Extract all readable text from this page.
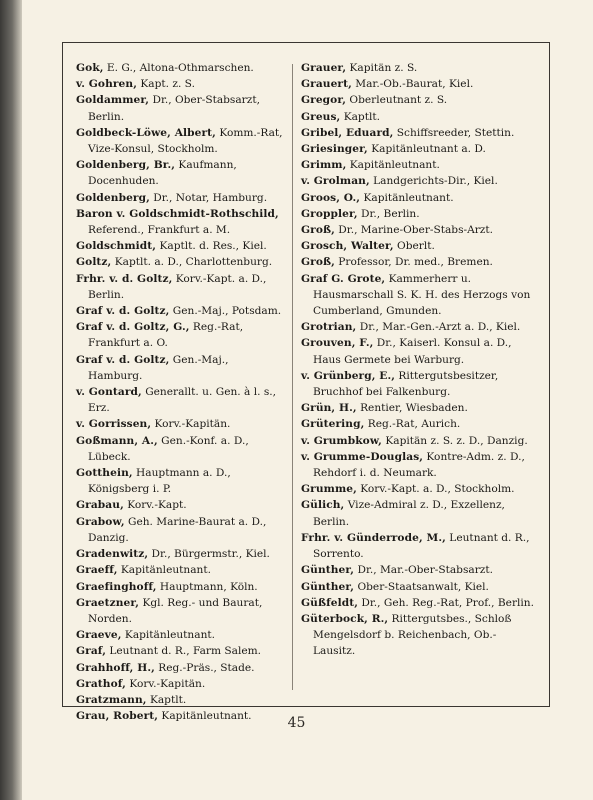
Gok, E. G., Altona-Othmarschen.

v. Gohren, Kapt. z. S.

Goldammer, Dr., Ober-Stabsarzt, Berlin.

Goldbeck-Löwe, Albert, Komm.-Rat, Vize-Konsul, Stockholm.

Goldenberg, Br., Kaufmann, Docenhuden.

Goldenberg, Dr., Notar, Hamburg.

Baron v. Goldschmidt-Rothschild, Referend., Frankfurt a. M.

Goldschmidt, Kaptlt. d. Res., Kiel.

Goltz, Kaptlt. a. D., Charlottenburg.

Frhr. v. d. Goltz, Korv.-Kapt. a. D., Berlin.

Graf v. d. Goltz, Gen.-Maj., Potsdam.

Graf v. d. Goltz, G., Reg.-Rat, Frankfurt a. O.

Graf v. d. Goltz, Gen.-Maj., Hamburg.

v. Gontard, Generallt. u. Gen. à l. s., Erz.

v. Gorrissen, Korv.-Kapitän.

Goßmann, A., Gen.-Konf. a. D., Lübeck.

Gotthein, Hauptmann a. D., Königsberg i. P.

Grabau, Korv.-Kapt.

Grabow, Geh. Marine-Baurat a. D., Danzig.

Gradenwitz, Dr., Bürgermstr., Kiel.

Graeff, Kapitänleutnant.

Graefinghoff, Hauptmann, Köln.

Graetzner, Kgl. Reg.- und Baurat, Norden.

Graeve, Kapitänleutnant.

Graf, Leutnant d. R., Farm Salem.

Grahhoff, H., Reg.-Präs., Stade.

Grathof, Korv.-Kapitän.

Gratzmann, Kaptlt.

Grau, Robert, Kapitänleutnant.

Grauer, Kapitän z. S.

Grauert, Mar.-Ob.-Baurat, Kiel.

Gregor, Oberleutnant z. S.

Greus, Kaptlt.

Gribel, Eduard, Schiffsreeder, Stettin.

Griesinger, Kapitänleutnant a. D.

Grimm, Kapitänleutnant.

v. Grolman, Landgerichts-Dir., Kiel.

Groos, O., Kapitänleutnant.

Groppler, Dr., Berlin.

Groß, Dr., Marine-Ober-Stabs-Arzt.

Grosch, Walter, Oberlt.

Groß, Professor, Dr. med., Bremen.

Graf G. Grote, Kammerherr u. Hausmarschall S. K. H. des Herzogs von Cumberland, Gmunden.

Grotrian, Dr., Mar.-Gen.-Arzt a. D., Kiel.

Grouven, F., Dr., Kaiserl. Konsul a. D., Haus Germete bei Warburg.

v. Grünberg, E., Rittergutsbesitzer, Bruchhof bei Falkenburg.

Grün, H., Rentier, Wiesbaden.

Grütering, Reg.-Rat, Aurich.

v. Grumbkow, Kapitän z. S. z. D., Danzig.

v. Grumme-Douglas, Kontre-Adm. z. D., Rehdorf i. d. Neumark.

Grumme, Korv.-Kapt. a. D., Stockholm.

Gülich, Vize-Admiral z. D., Exzellenz, Berlin.

Frhr. v. Günderrode, M., Leutnant d. R., Sorrento.

Günther, Dr., Mar.-Ober-Stabsarzt.

Günther, Ober-Staatsanwalt, Kiel.

Güßfeldt, Dr., Geh. Reg.-Rat, Prof., Berlin.

Güterbock, R., Rittergutsbes., Schloß Mengelsdorf b. Reichenbach, Ob.-Lausitz.

45
